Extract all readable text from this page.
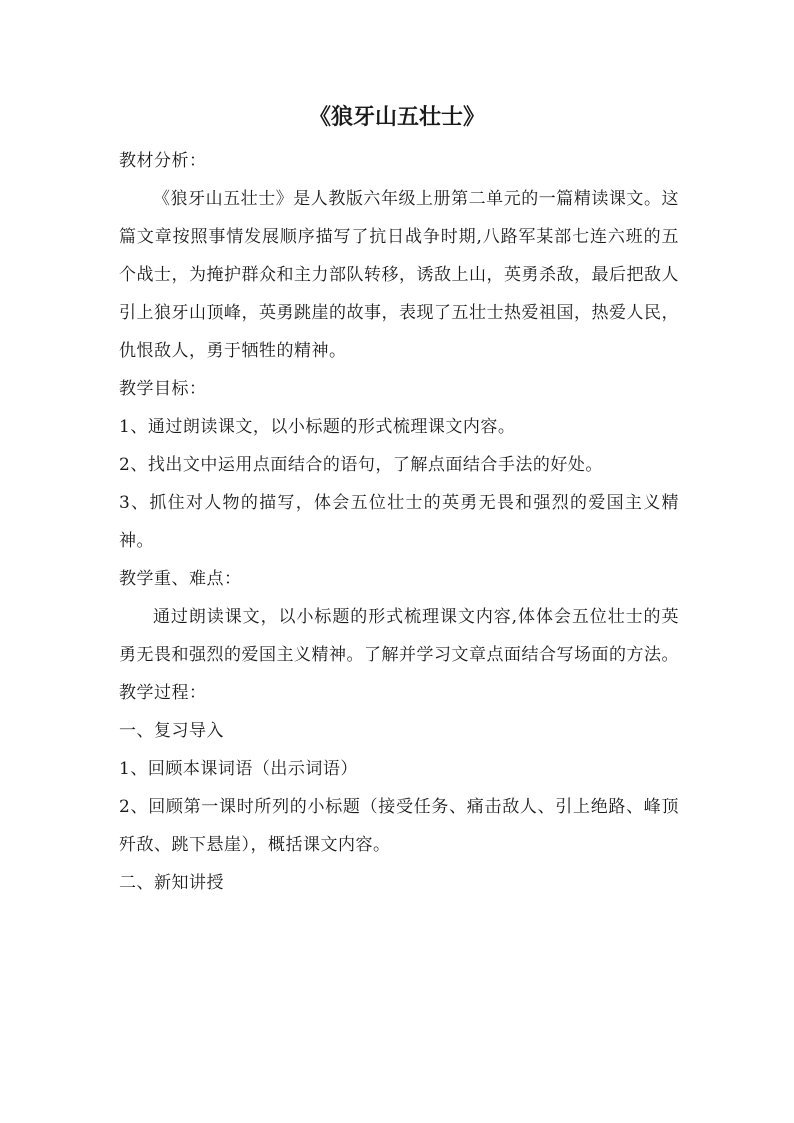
《狼牙山五壮士》

教材分析：

《狼牙山五壮士》是人教版六年级上册第二单元的一篇精读课文。这篇文章按照事情发展顺序描写了抗日战争时期,八路军某部七连六班的五个战士，为掩护群众和主力部队转移，诱敌上山，英勇杀敌，最后把敌人引上狼牙山顶峰，英勇跳崖的故事，表现了五壮士热爱祖国，热爱人民，仇恨敌人，勇于牺牲的精神。

教学目标：

1、通过朗读课文，以小标题的形式梳理课文内容。

2、找出文中运用点面结合的语句，了解点面结合手法的好处。

3、抓住对人物的描写，体会五位壮士的英勇无畏和强烈的爱国主义精神。

教学重、难点：

通过朗读课文，以小标题的形式梳理课文内容,体体会五位壮士的英勇无畏和强烈的爱国主义精神。了解并学习文章点面结合写场面的方法。

教学过程：

一、复习导入

1、回顾本课词语（出示词语）

2、回顾第一课时所列的小标题（接受任务、痛击敌人、引上绝路、峰顶歼敌、跳下悬崖），概括课文内容。

二、新知讲授
